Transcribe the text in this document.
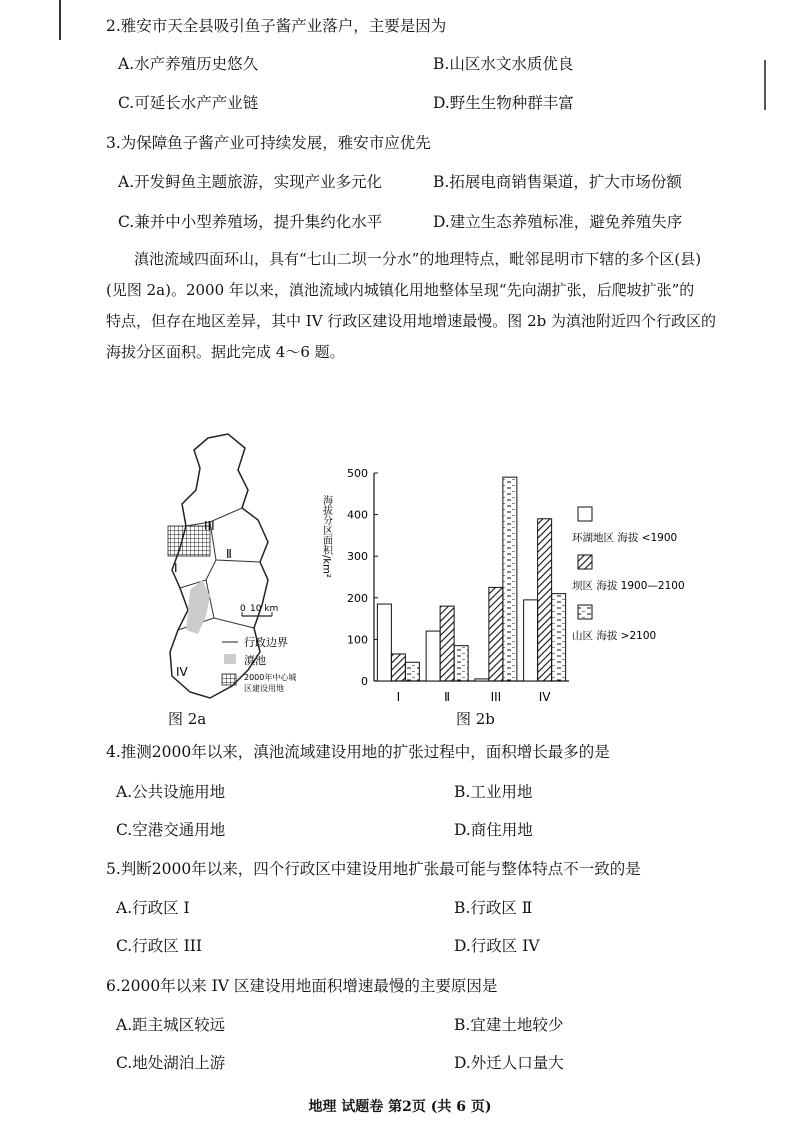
2.雅安市天全县吸引鱼子酱产业落户，主要是因为
A.水产养殖历史悠久	B.山区水文水质优良
C.可延长水产产业链	D.野生生物种群丰富
3.为保障鱼子酱产业可持续发展，雅安市应优先
A.开发鲟鱼主题旅游，实现产业多元化	B.拓展电商销售渠道，扩大市场份额
C.兼并中小型养殖场，提升集约化水平	D.建立生态养殖标准，避免养殖失序
滇池流域四面环山，具有“七山二坝一分水”的地理特点，毗邻昆明市下辖的多个区(县)
(见图 2a)。2000 年以来，滇池流域内城镇化用地整体呈现“先向湖扩张，后爬坡扩张”的
特点，但存在地区差异，其中 IV 行政区建设用地增速最慢。图 2b 为滇池附近四个行政区的
海拔分区面积。据此完成 4～6 题。
III
Ⅱ
I
IV
0 10 km
行政边界
滇池
2000年中心城
区建设用地
图 2a
0
100
200
300
400
500
海拔分区面积/km²
I	Ⅱ	III	IV
环湖地区 海拔 <1900
坝区 海拔 1900—2100
山区 海拔 >2100
图 2b
4.推测2000年以来，滇池流域建设用地的扩张过程中，面积增长最多的是
A.公共设施用地	B.工业用地
C.空港交通用地	D.商住用地
5.判断2000年以来，四个行政区中建设用地扩张最可能与整体特点不一致的是
A.行政区 I	B.行政区 Ⅱ
C.行政区 III	D.行政区 IV
6.2000年以来 IV 区建设用地面积增速最慢的主要原因是
A.距主城区较远	B.宜建土地较少
C.地处湖泊上游	D.外迁人口量大
地理 试题卷 第2页 (共 6 页)
